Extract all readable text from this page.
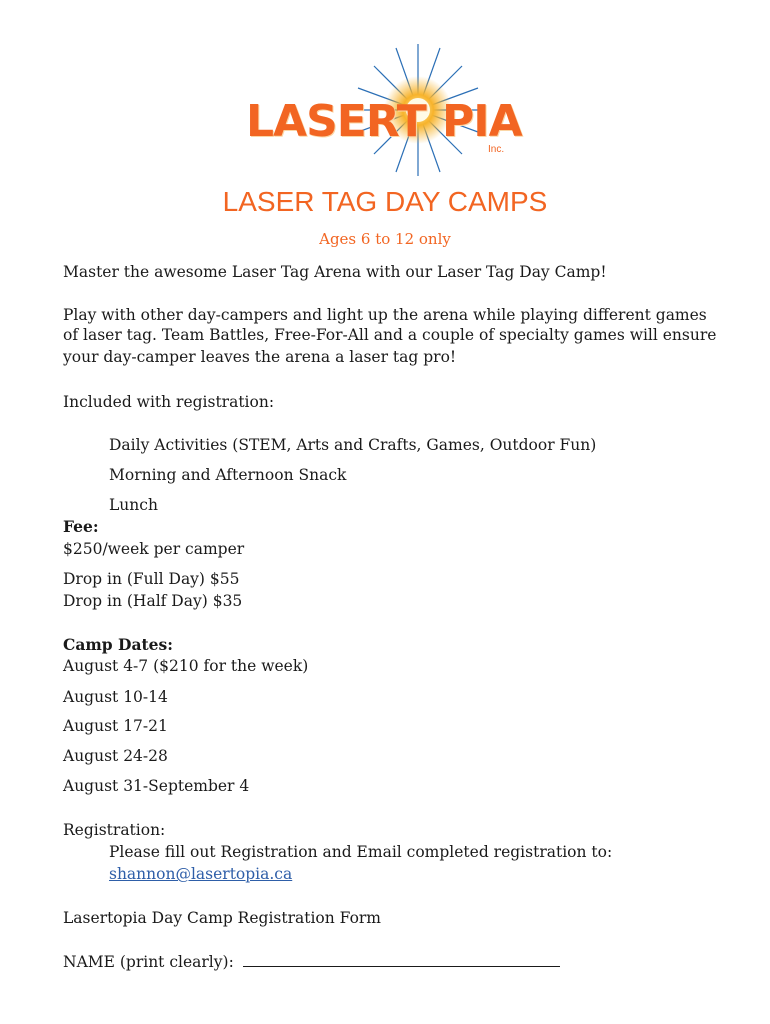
LASERT PIA
Inc.
LASER TAG DAY CAMPS
Ages 6 to 12 only
Master the awesome Laser Tag Arena with our Laser Tag Day Camp!
Play with other day-campers and light up the arena while playing different games
of laser tag. Team Battles, Free-For-All and a couple of specialty games will ensure
your day-camper leaves the arena a laser tag pro!
Included with registration:
Daily Activities (STEM, Arts and Crafts, Games, Outdoor Fun)
Morning and Afternoon Snack
Lunch
Fee:
$250/week per camper
Drop in (Full Day) $55
Drop in (Half Day) $35
Camp Dates:
August 4-7 ($210 for the week)
August 10-14
August 17-21
August 24-28
August 31-September 4
Registration:
Please fill out Registration and Email completed registration to:
shannon@lasertopia.ca
Lasertopia Day Camp Registration Form
NAME (print clearly):
